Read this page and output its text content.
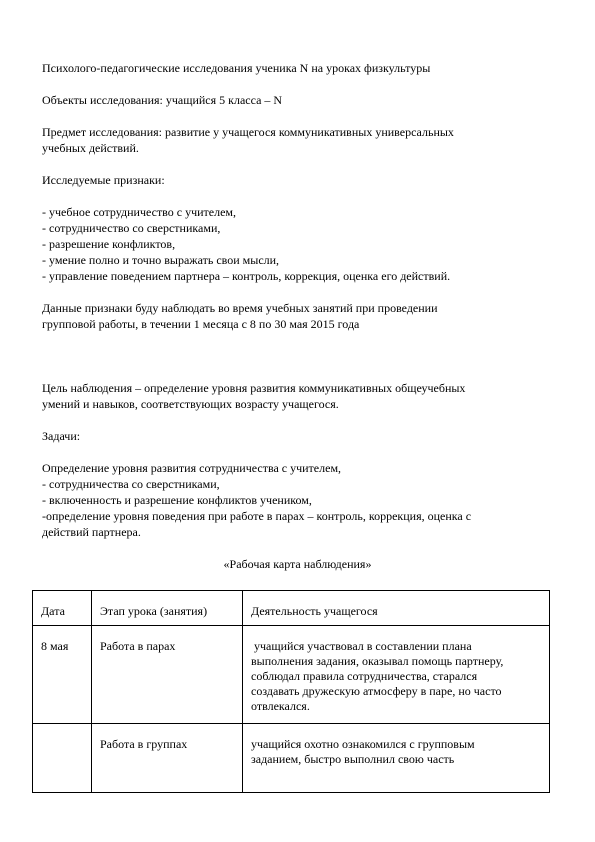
Психолого-педагогические исследования ученика N на уроках физкультуры
Объекты исследования: учащийся 5 класса – N
Предмет исследования: развитие у учащегося коммуникативных универсальных
учебных действий.
Исследуемые признаки:
- учебное сотрудничество с учителем,
- сотрудничество со сверстниками,
- разрешение конфликтов,
- умение полно и точно выражать свои мысли,
- управление поведением партнера – контроль, коррекция, оценка его действий.
Данные признаки буду наблюдать во время учебных занятий при проведении
групповой работы, в течении 1 месяца с 8 по 30 мая 2015 года
Цель наблюдения – определение уровня развития коммуникативных общеучебных
умений и навыков, соответствующих возрасту учащегося.
Задачи:
Определение уровня развития сотрудничества с учителем,
- сотрудничества со сверстниками,
- включенность и разрешение конфликтов учеником,
-определение уровня поведения при работе в парах – контроль, коррекция, оценка с
действий партнера.
«Рабочая карта наблюдения»

Дата	Этап урока (занятия)	Деятельность учащегося

8 мая	Работа в парах	учащийся участвовал в составлении плана

выполнения задания, оказывал помощь партнеру,

соблюдал правила сотрудничества, старался

создавать дружескую атмосферу в паре, но часто

отвлекался.

	Работа в группах	учащийся охотно ознакомился с групповым

заданием, быстро выполнил свою часть
